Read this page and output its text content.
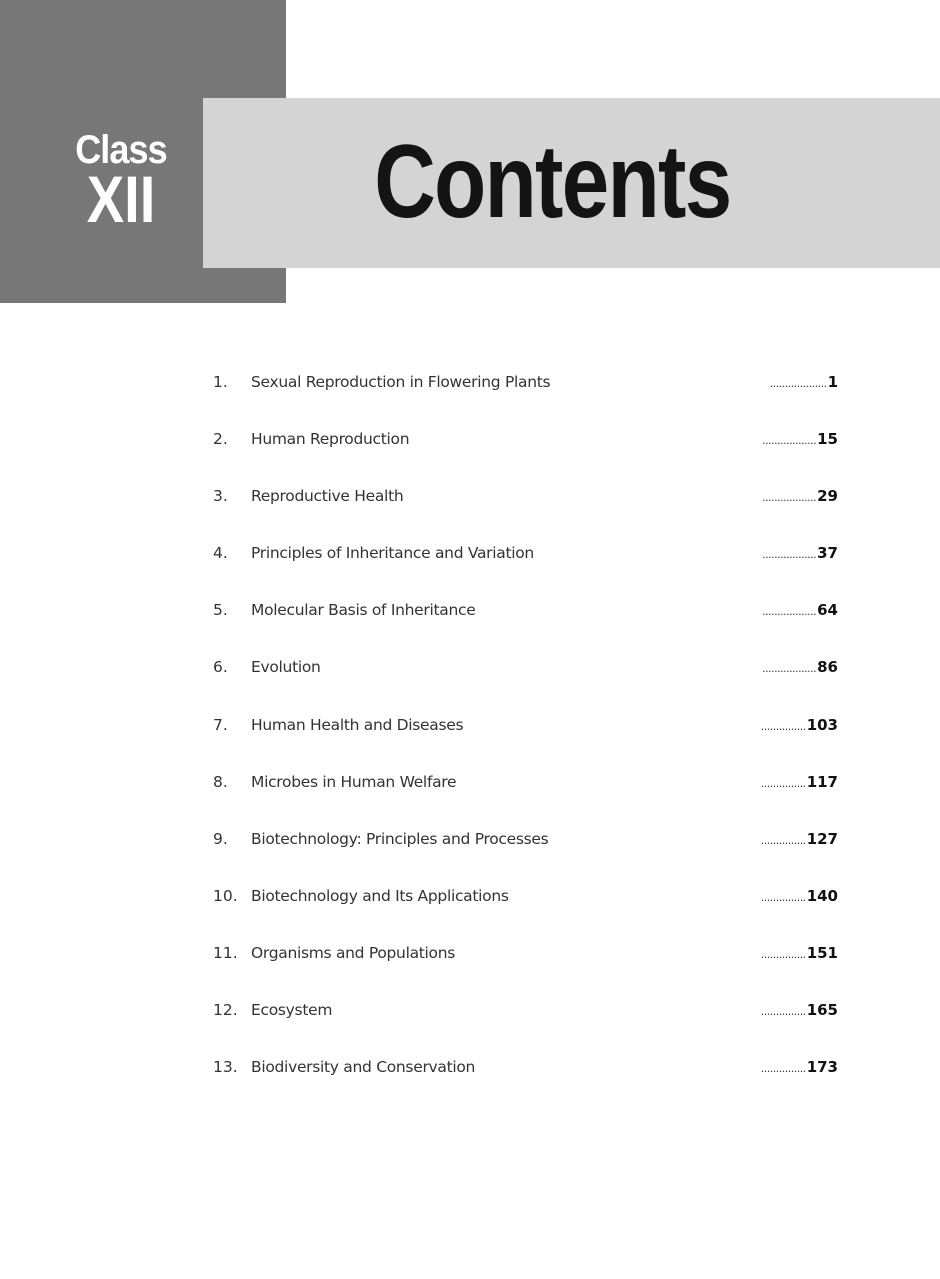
Class
XII Contents
1.	Sexual Reproduction in Flowering Plants	................... 1
2.	Human Reproduction	.................. 15
3.	Reproductive Health	.................. 29
4.	Principles of Inheritance and Variation	.................. 37
5.	Molecular Basis of Inheritance	.................. 64
6.	Evolution	.................. 86
7.	Human Health and Diseases	............... 103
8.	Microbes in Human Welfare	............... 117
9.	Biotechnology: Principles and Processes	............... 127
10. Biotechnology and Its Applications	............... 140
11. Organisms and Populations	............... 151
12. Ecosystem	............... 165
13. Biodiversity and Conservation	............... 173
